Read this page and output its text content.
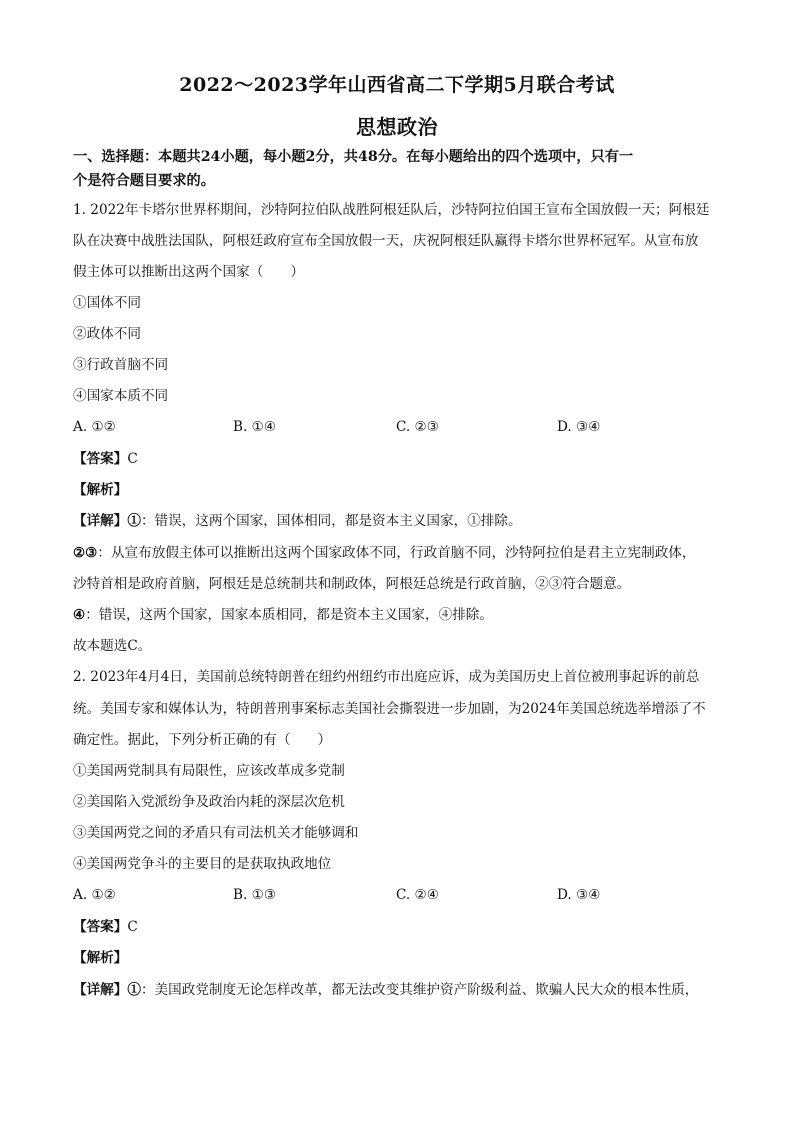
2022～2023学年山西省高二下学期5月联合考试
思想政治
一、选择题：本题共24小题，每小题2分，共48分。在每小题给出的四个选项中，只有一
个是符合题目要求的。
1. 2022年卡塔尔世界杯期间，沙特阿拉伯队战胜阿根廷队后，沙特阿拉伯国王宣布全国放假一天；阿根廷
队在决赛中战胜法国队，阿根廷政府宣布全国放假一天，庆祝阿根廷队赢得卡塔尔世界杯冠军。从宣布放
假主体可以推断出这两个国家（　　）
①国体不同
②政体不同
③行政首脑不同
④国家本质不同
A. ①②	B. ①④	C. ②③	D. ③④
【答案】C
【解析】
【详解】①：错误，这两个国家，国体相同，都是资本主义国家，①排除。
②③：从宣布放假主体可以推断出这两个国家政体不同，行政首脑不同，沙特阿拉伯是君主立宪制政体，
沙特首相是政府首脑，阿根廷是总统制共和制政体，阿根廷总统是行政首脑，②③符合题意。
④：错误，这两个国家，国家本质相同，都是资本主义国家，④排除。
故本题选C。
2. 2023年4月4日，美国前总统特朗普在纽约州纽约市出庭应诉，成为美国历史上首位被刑事起诉的前总
统。美国专家和媒体认为，特朗普刑事案标志美国社会撕裂进一步加剧，为2024年美国总统选举增添了不
确定性。据此，下列分析正确的有（　　）
①美国两党制具有局限性，应该改革成多党制
②美国陷入党派纷争及政治内耗的深层次危机
③美国两党之间的矛盾只有司法机关才能够调和
④美国两党争斗的主要目的是获取执政地位
A. ①②	B. ①③	C. ②④	D. ③④
【答案】C
【解析】
【详解】①：美国政党制度无论怎样改革，都无法改变其维护资产阶级利益、欺骗人民大众的根本性质，
